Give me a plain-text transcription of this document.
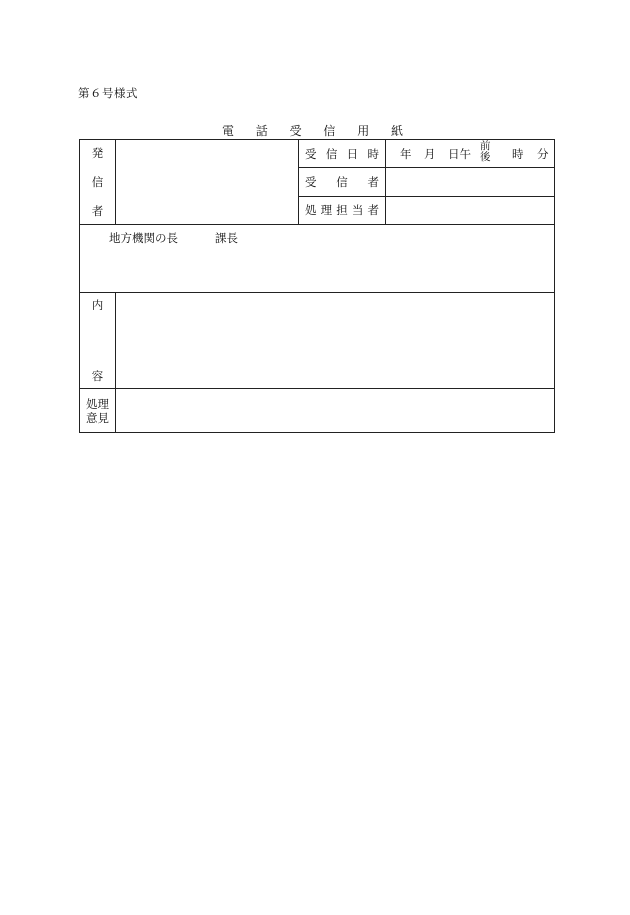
第６号様式
電 話 受 信 用 紙
発
信
者
受信日時 年 月 日午
前
後 時 分
受信者
処理担当者
地方機関の長	課長
内
容
処理
意見
